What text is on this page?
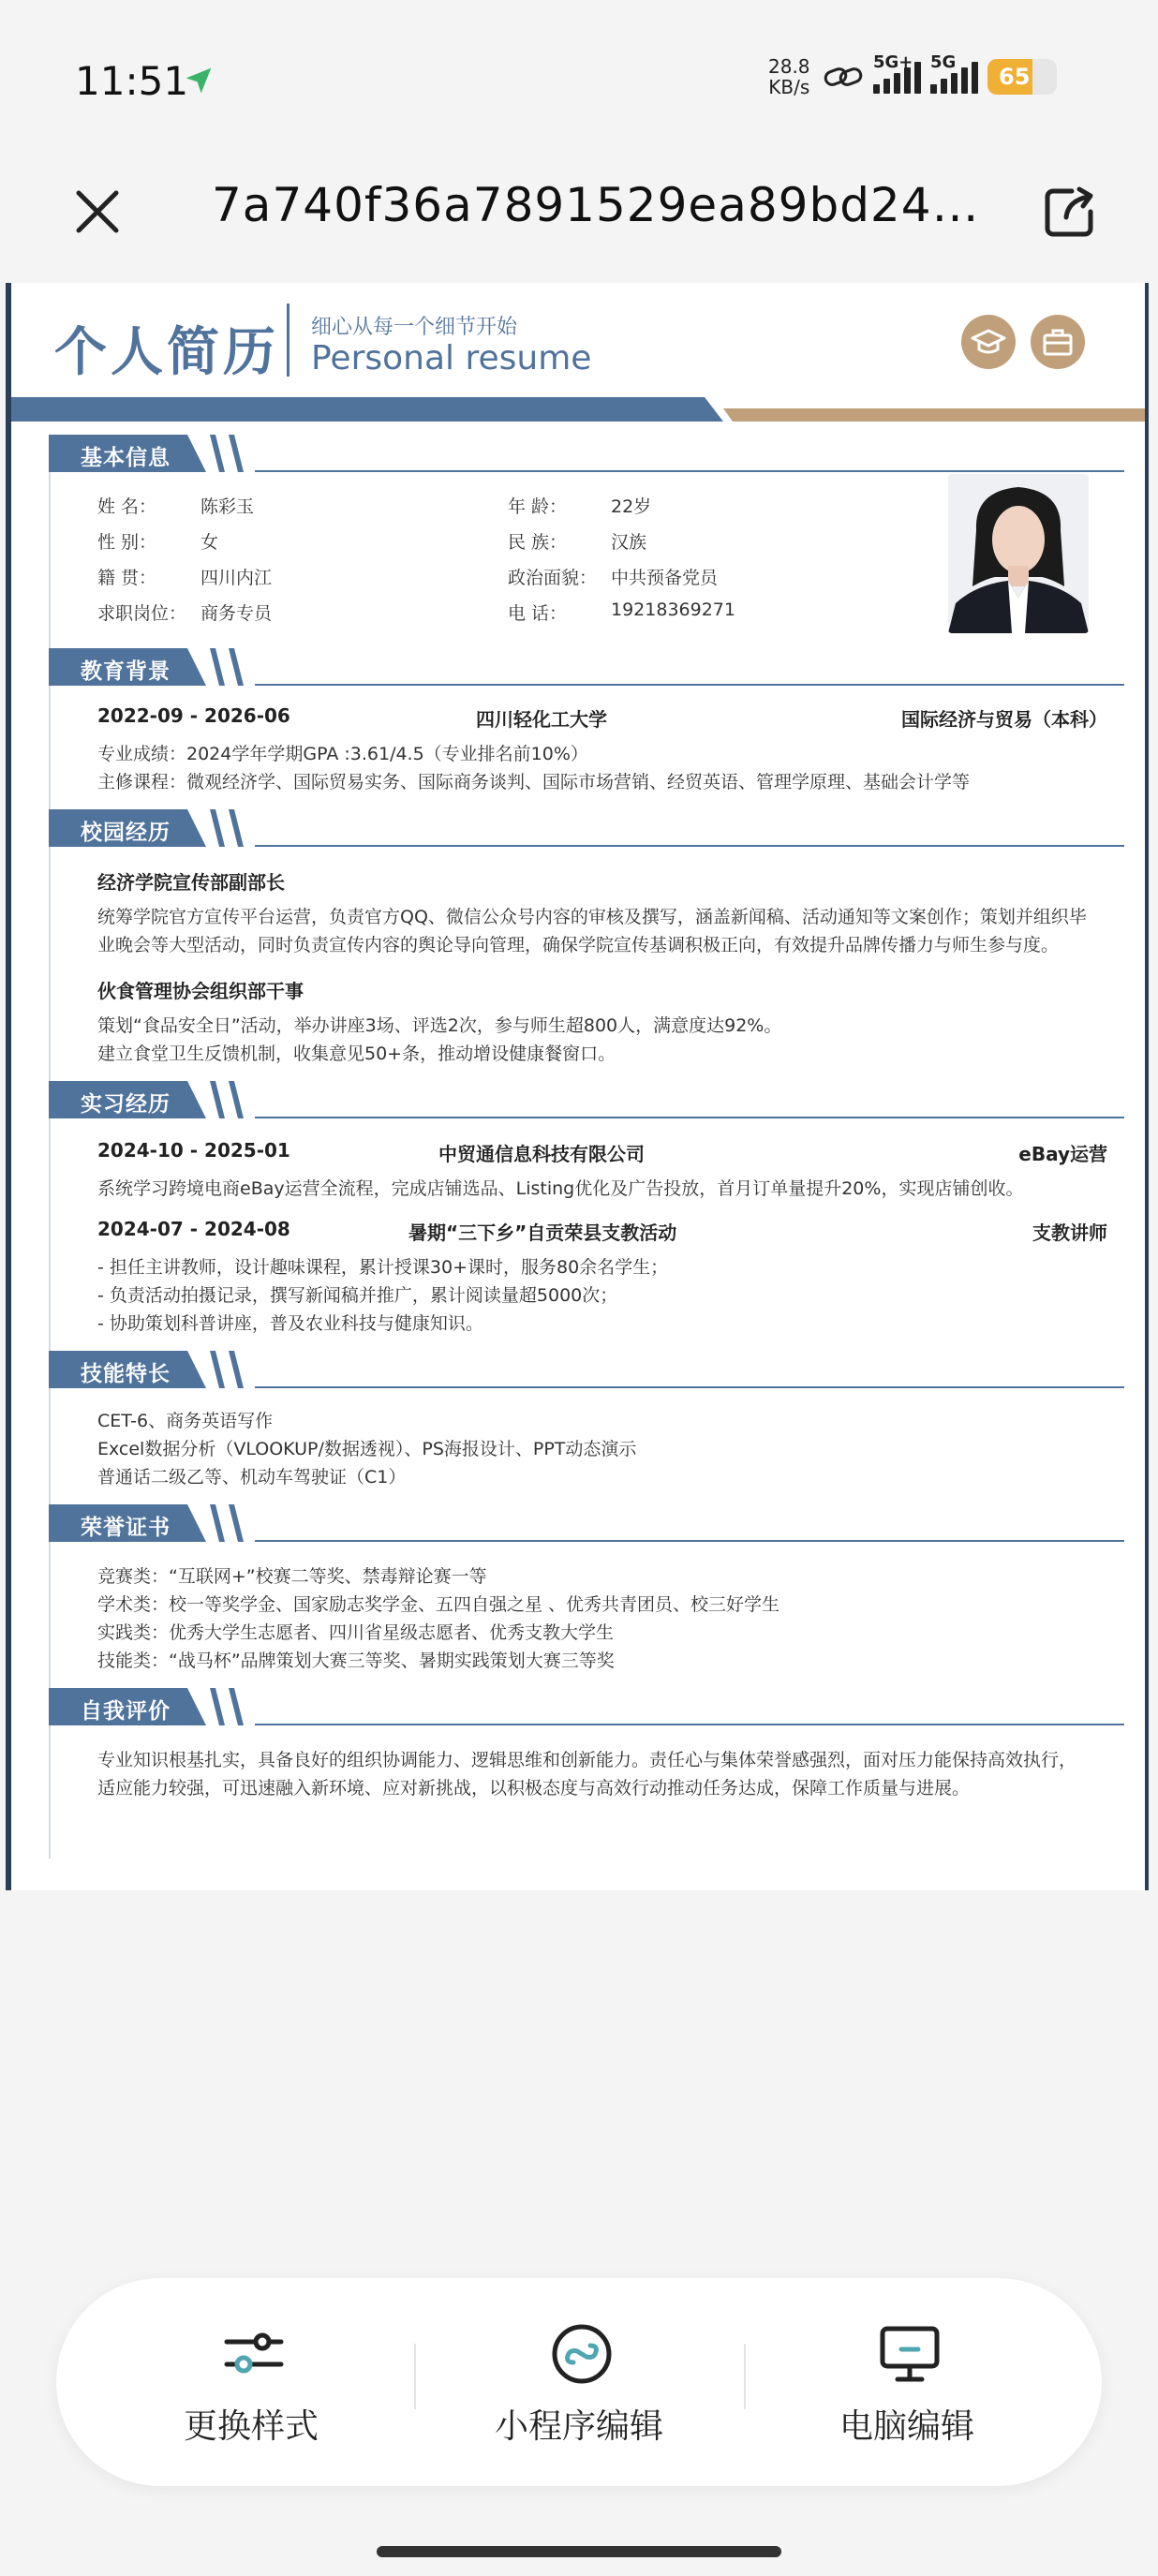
11:51	28.8
KB/s
5G+ 5G
65
7a740f36a7891529ea89bd24…
个人简历 细心从每一个细节开始
Personal resume
基本信息
姓 名： 陈彩玉	年 龄： 22岁
性 别： 女	民 族： 汉族
籍 贯： 四川内江	政治面貌： 中共预备党员
求职岗位： 商务专员	电 话： 19218369271
教育背景
2022-09 - 2026-06	四川轻化工大学	国际经济与贸易（本科）
专业成绩：2024学年学期GPA :3.61/4.5（专业排名前10%）
主修课程：微观经济学、国际贸易实务、国际商务谈判、国际市场营销、经贸英语、管理学原理、基础会计学等
校园经历
经济学院宣传部副部长
统筹学院官方宣传平台运营，负责官方QQ、微信公众号内容的审核及撰写，涵盖新闻稿、活动通知等文案创作；策划并组织毕
业晚会等大型活动，同时负责宣传内容的舆论导向管理，确保学院宣传基调积极正向，有效提升品牌传播力与师生参与度。
伙食管理协会组织部干事
策划“食品安全日”活动，举办讲座3场、评选2次，参与师生超800人，满意度达92%。
建立食堂卫生反馈机制，收集意见50+条，推动增设健康餐窗口。
实习经历
2024-10 - 2025-01	中贸通信息科技有限公司	eBay运营
系统学习跨境电商eBay运营全流程，完成店铺选品、Listing优化及广告投放，首月订单量提升20%，实现店铺创收。
2024-07 - 2024-08	暑期“三下乡”自贡荣县支教活动	支教讲师
- 担任主讲教师，设计趣味课程，累计授课30+课时，服务80余名学生；
- 负责活动拍摄记录，撰写新闻稿并推广，累计阅读量超5000次；
- 协助策划科普讲座，普及农业科技与健康知识。
技能特长
CET-6、商务英语写作
Excel数据分析（VLOOKUP/数据透视）、PS海报设计、PPT动态演示
普通话二级乙等、机动车驾驶证（C1）
荣誉证书
竞赛类：“互联网+”校赛二等奖、禁毒辩论赛一等
学术类：校一等奖学金、国家励志奖学金、五四自强之星 、优秀共青团员、校三好学生
实践类：优秀大学生志愿者、四川省星级志愿者、优秀支教大学生
技能类：“战马杯”品牌策划大赛三等奖、暑期实践策划大赛三等奖
自我评价
专业知识根基扎实，具备良好的组织协调能力、逻辑思维和创新能力。责任心与集体荣誉感强烈，面对压力能保持高效执行，
适应能力较强，可迅速融入新环境、应对新挑战，以积极态度与高效行动推动任务达成，保障工作质量与进展。
更换样式	小程序编辑	电脑编辑
